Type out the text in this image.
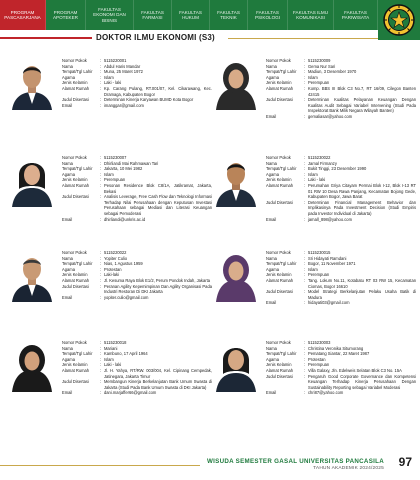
PROGRAM PASCASARJANA
PROGRAM APOTEKER
FAKULTAS EKONOMI DAN BISNIS
FAKULTAS FARMASI
FAKULTAS HUKUM
FAKULTAS TEKNIK
FAKULTAS PSIKOLOGI
FAKULTAS ILMU KOMUNIKASI
FAKULTAS PARIWISATA
DOKTOR ILMU EKONOMI (S3)
Nomor Pokok	: 5115220001
Nama	: Abdul Haris Mandar
Tempat/Tgl Lahir	: Muna, 25 Maret 1972
Agama	: Islam
Jenis Kelamin	: Laki - laki
Alamat Rumah	: Kp. Carang Pulang, RT.001/07, Kel. Cikarawang, Kec. Dramaga, Kabupaten Bogor
Judul Disertasi	: Determinan Kinerja Karyawan BUMD Kota Bogor
Email	: imanggar@gmail.com
Nomor Pokok	: 5115230009
Nama	: Gema Nur Sari
Tempat/Tgl Lahir	: Madiun, 3 Desember 1970
Agama	: Islam
Jenis Kelamin	: Perempuan
Alamat Rumah	: Komp. BBS III Blok C3 No.7, RT 16/09, Cilegon Banten 42415
Judul Disertasi	: Determinan Kualitas Pelayanan Keuangan Dengan Kualitas Audit Sebagai Variabel Intervening (Studi Pada Inspektorat Bank Milik Negara Wilayah Banten)
Email	: gemaliasar@yahoo.com
Nomor Pokok	: 5115230007
Nama	: Dhirliandi Mai Rahmawan Tari
Tempat/Tgl Lahir	: Jakarta, 10 Mei 1982
Agama	: Islam
Jenis Kelamin	: Perempuan
Alamat Rumah	: Pesonan Residence Blok C8/1A, Jatikramat, Jakarta, Bekasi
Judul Disertasi	: Analisis Leverage, Free Cash Flow dan Teknologi Informasi Terhadap Nilai Perusahaan dengan Keputusan Investasi Perusahaan sebagai Mediasi dan Literasi Keuangan sebagai Pemoderasi
Email	: dhirliandi@unkris.ac.id
Nomor Pokok	: 5115230022
Nama	: Jamal Firmanzy
Tempat/Tgl Lahir	: Bukit Tinggi, 23 Desember 1990
Agama	: Islam
Jenis Kelamin	: Laki - laki
Alamat Rumah	: Perumahan Griya Citayam Permai Blok I-12, Blok I-13 RT 01 RW 10 Desa Rawa Panjang, Kecamatan Bojong Gede, Kabupaten Bogor, Jawa Barat
Judul Disertasi	: Determinan Financial Management Behavior dan Implikasinya Pada Investment Decision (Studi Empiris pada Investor Individual di Jakarta)
Email	: jamall_898@yahoo.com
Nomor Pokok	: 5115220022
Nama	: Yopiter Culio
Tempat/Tgl Lahir	: Nias, 1 Agustus 1959
Agama	: Protestan
Jenis Kelamin	: Laki-laki
Alamat Rumah	: Jl. Kesuma Raya Blok E1/2, Perum Pondok Indah, Jakarta
Judul Disertasi	: Peranan Agility Kepemimpinan Dan Agility Organisasi Pada Industri Restoran Di DKI Jakarta
Email	: yopiter.culio@gmail.com
Nomor Pokok	: 5115230015
Nama	: Sri Hidayati Ramdani
Tempat/Tgl Lahir	: Bogor, 11 November 1971
Agama	: Islam
Jenis Kelamin	: Perempuan
Alamat Rumah	: Tang. Lokum No.11, Kotabatu RT 03 RW 15, Kecamatan Ciomas, Bogor 16610
Judul Disertasi	: Model Strategi Berkelanjutan Pelaku Usaha Batik di Madura
Email	: hidayati03@gmail.com
Nomor Pokok	: 5115230018
Nama	: Mariani
Tempat/Tgl Lahir	: Kambuno, 17 April 1964
Agama	: Islam
Jenis Kelamin	: Laki - laki
Alamat Rumah	: Jl. H. Yahya, RT/RW. 003/004, Kel. Cipinang Cempedak, Jatinegara, Jakarta Timur
Judul Disertasi	: Membangun Kinerja Berkelanjutan Bank Umum Swasta di Jakarta (Studi Pada Bank Umum Swasta di DKI Jakarta)
Email	: dani.marjaffer66@gmail.com
Nomor Pokok	: 5115230003
Nama	: Christina Veronika Situmorang
Tempat/Tgl Lahir	: Pematang Siantar, 22 Maret 1987
Agama	: Protestan
Jenis Kelamin	: Perempuan
Alamat Rumah	: Villa Galaxy, Jln. Edelweis Selatan Blok C3 No. 15A
Judul Disertasi	: Pengaruh Good Corporate Governance dan Kompetensi Keuangan Terhadap Kinerja Perusahaan Dengan Sustainability Reporting sebagai Variabel Moderasi
Email	: chri87@yahoo.com
WISUDA SEMESTER GASAL UNIVERSITAS PANCASILA
TAHUN AKADEMIK 2024/2025 97
